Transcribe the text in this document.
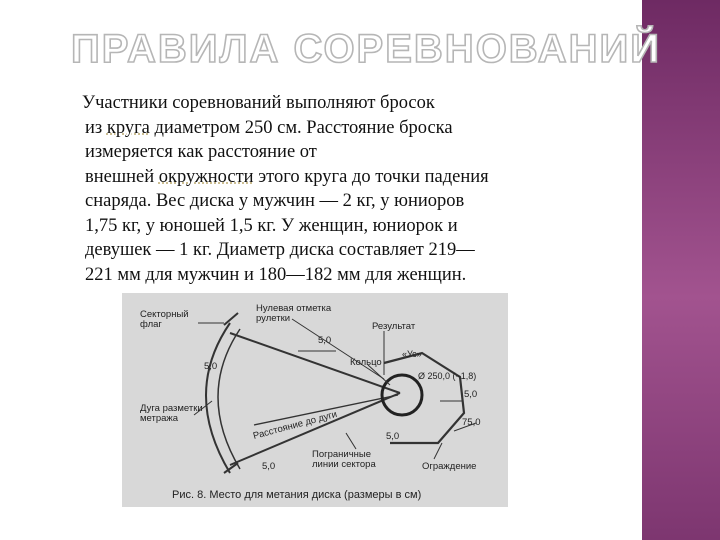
ПРАВИЛА СОРЕВНОВАНИЙ
Участники соревнований выполняют бросок
из круга диаметром 250 см. Расстояние броска
измеряется как расстояние от
внешней окружности этого круга до точки падения
снаряда. Вес диска у мужчин — 2 кг, у юниоров
1,75 кг, у юношей 1,5 кг. У женщин, юниорок и
девушек — 1 кг. Диаметр диска составляет 219—
221 мм для мужчин и 180—182 мм для женщин.
Секторный
флаг
Нулевая отметка
рулетки
Результат
5,0
5,0
«Ус»
Кольцо
Ø 250,0 (−1,8)
5,0
Дуга разметки
метража	Расстояние до дуги	75,0
5,0
Пограничные
линии сектора	Ограждение
5,0
Рис. 8. Место для метания диска (размеры в см)
